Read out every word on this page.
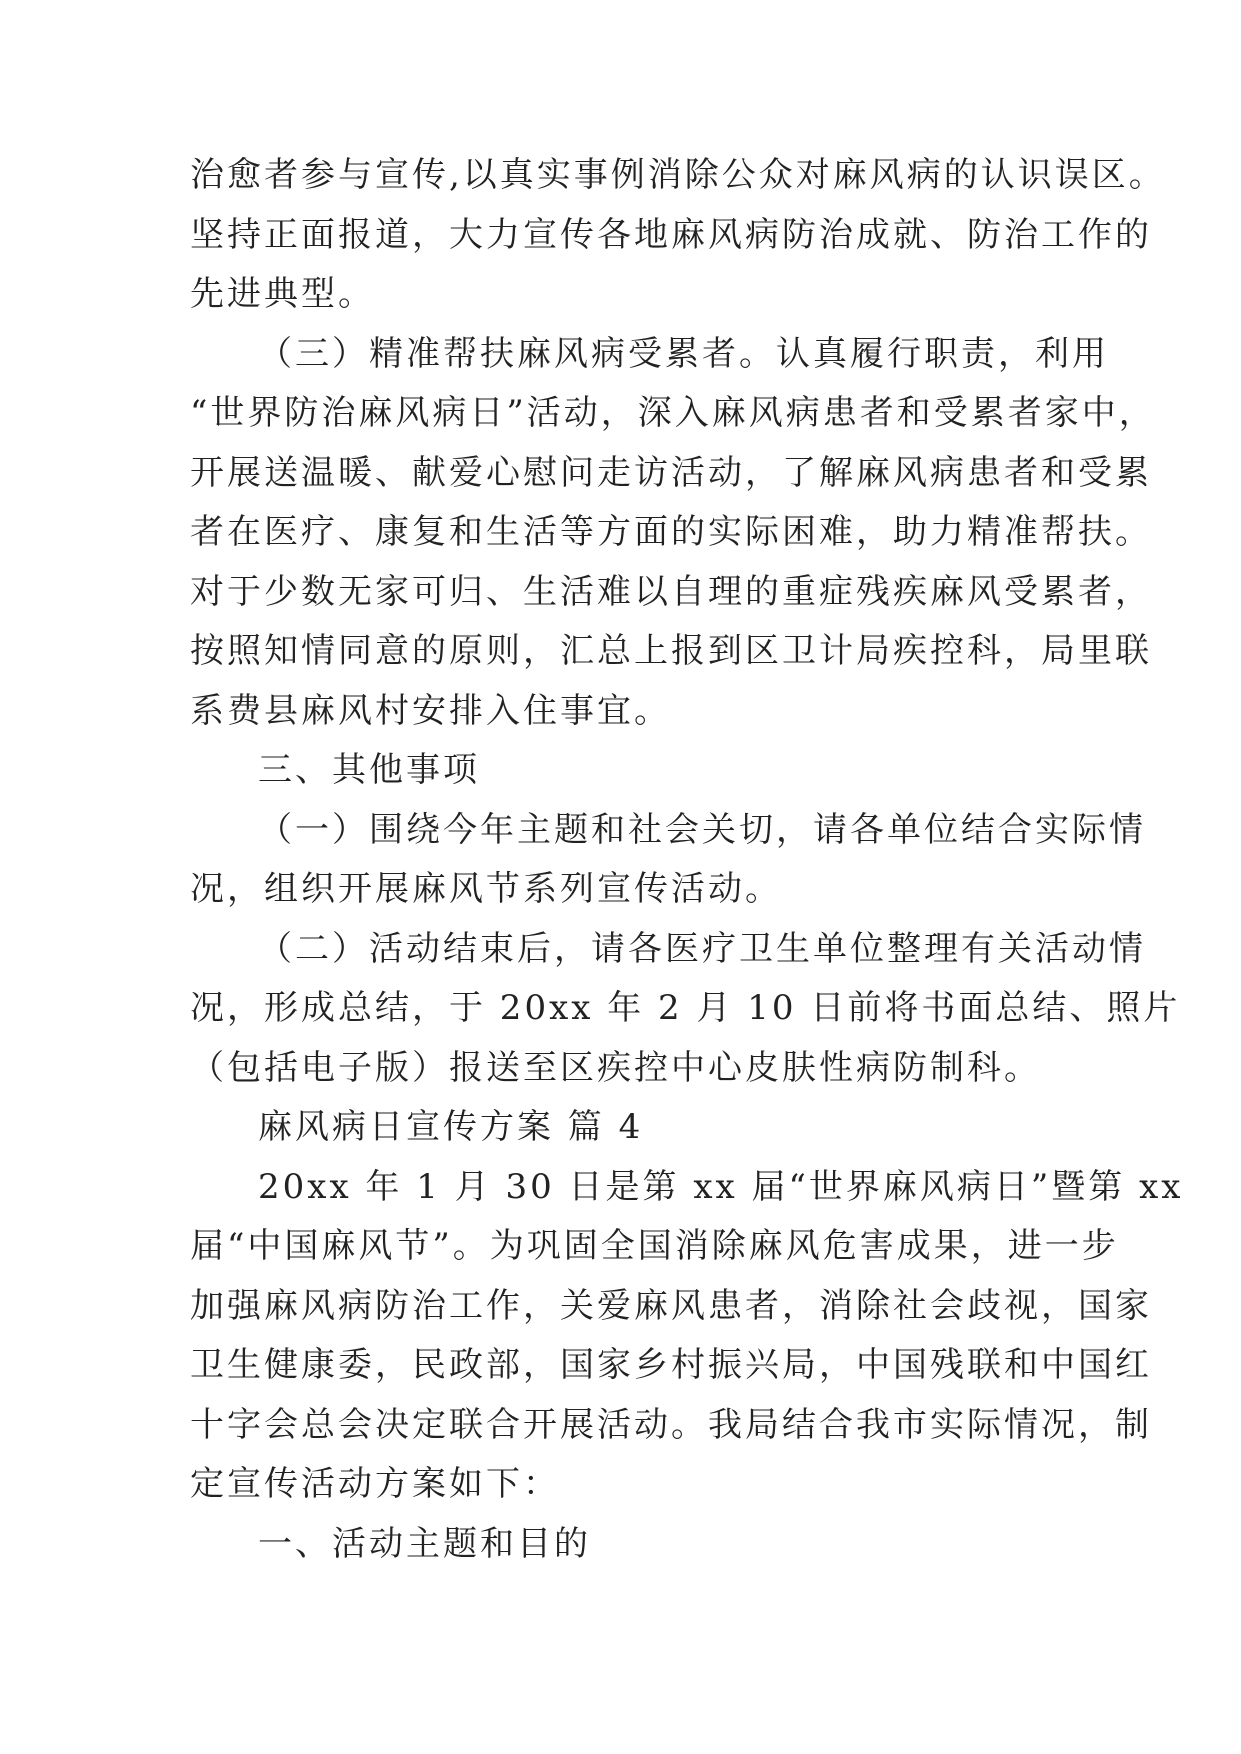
治愈者参与宣传,以真实事例消除公众对麻风病的认识误区。
坚持正面报道，大力宣传各地麻风病防治成就、防治工作的
先进典型。
（三）精准帮扶麻风病受累者。认真履行职责，利用
“世界防治麻风病日”活动，深入麻风病患者和受累者家中，
开展送温暖、献爱心慰问走访活动，了解麻风病患者和受累
者在医疗、康复和生活等方面的实际困难，助力精准帮扶。
对于少数无家可归、生活难以自理的重症残疾麻风受累者，
按照知情同意的原则，汇总上报到区卫计局疾控科，局里联
系费县麻风村安排入住事宜。
三、其他事项
（一）围绕今年主题和社会关切，请各单位结合实际情
况，组织开展麻风节系列宣传活动。
（二）活动结束后，请各医疗卫生单位整理有关活动情
况，形成总结，于 20xx 年 2 月 10 日前将书面总结、照片
（包括电子版）报送至区疾控中心皮肤性病防制科。
麻风病日宣传方案 篇 4
20xx 年 1 月 30 日是第 xx 届“世界麻风病日”暨第 xx
届“中国麻风节”。为巩固全国消除麻风危害成果，进一步
加强麻风病防治工作，关爱麻风患者，消除社会歧视，国家
卫生健康委，民政部，国家乡村振兴局，中国残联和中国红
十字会总会决定联合开展活动。我局结合我市实际情况，制
定宣传活动方案如下：
一、活动主题和目的
